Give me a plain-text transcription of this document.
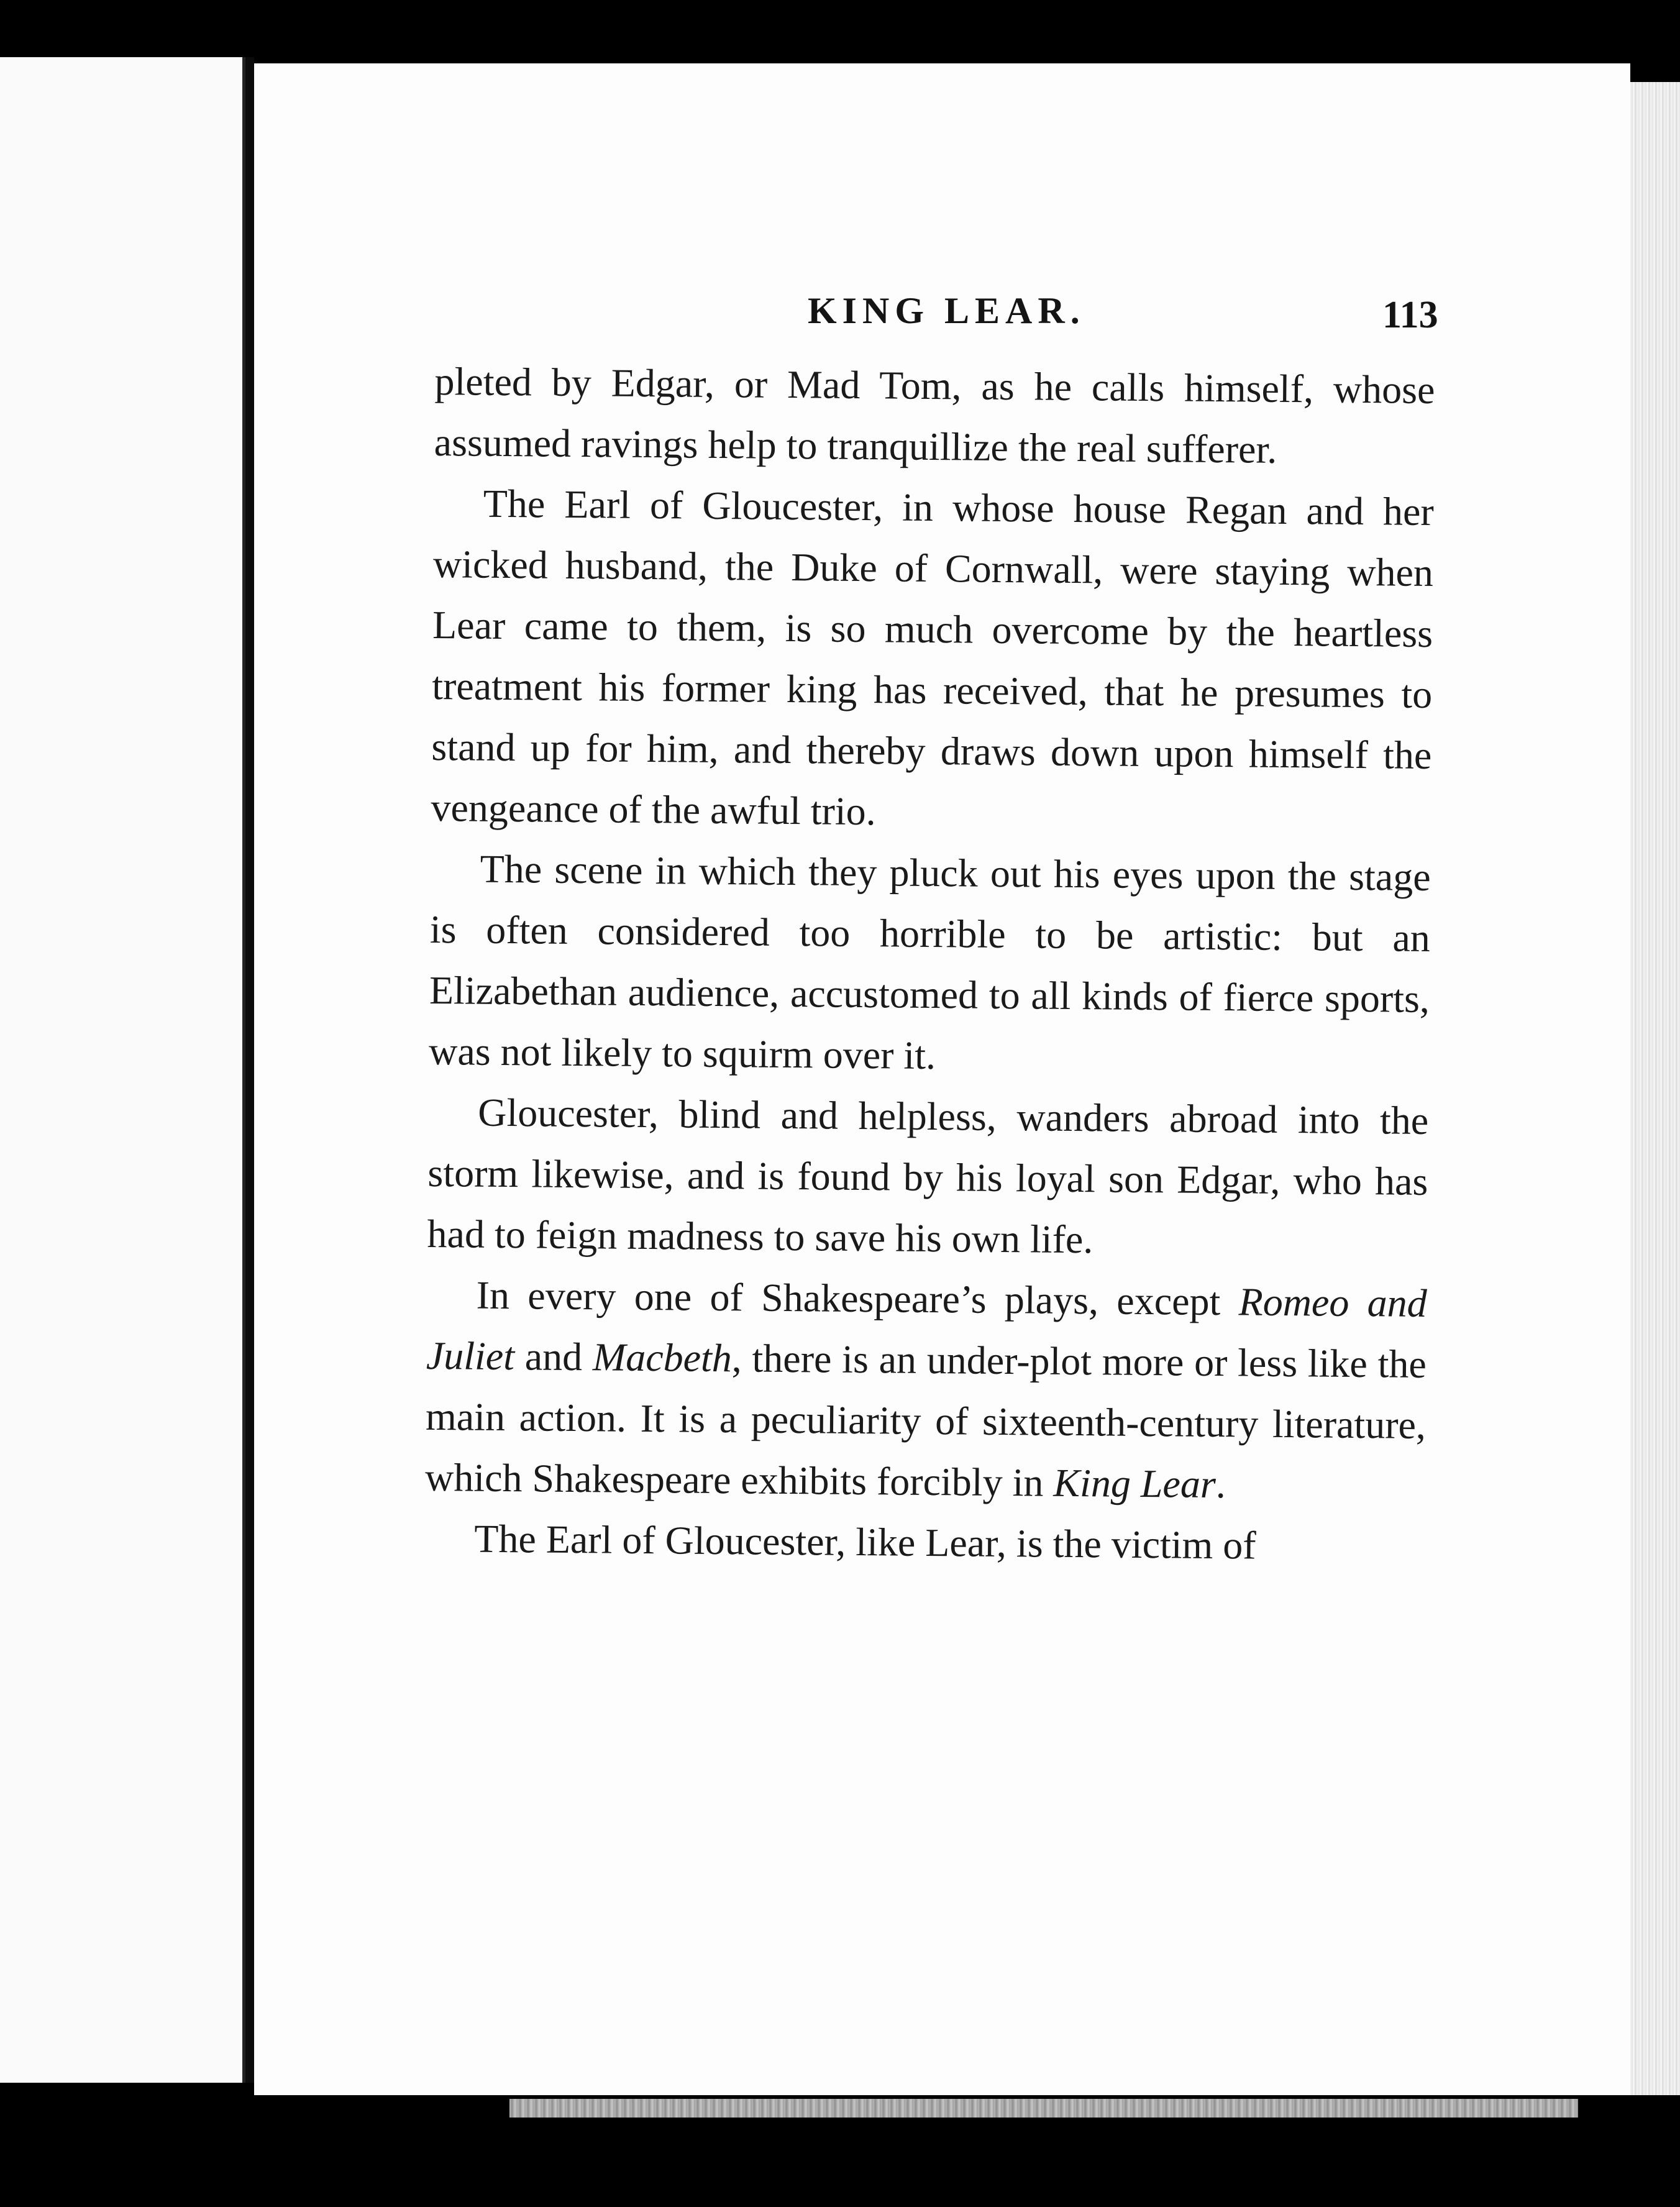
KING LEAR.	113

pleted by Edgar, or Mad Tom, as he calls himself, whose assumed ravings help to tranquillize the real sufferer.

The Earl of Gloucester, in whose house Regan and her wicked husband, the Duke of Cornwall, were staying when Lear came to them, is so much overcome by the heartless treatment his former king has received, that he presumes to stand up for him, and thereby draws down upon himself the vengeance of the awful trio.

The scene in which they pluck out his eyes upon the stage is often considered too horrible to be artistic: but an Elizabethan audience, accustomed to all kinds of fierce sports, was not likely to squirm over it.

Gloucester, blind and helpless, wanders abroad into the storm likewise, and is found by his loyal son Edgar, who has had to feign madness to save his own life.

In every one of Shakespeare’s plays, except Romeo and Juliet and Macbeth, there is an under-plot more or less like the main action. It is a peculiarity of sixteenth-century literature, which Shakespeare exhibits forcibly in King Lear.

The Earl of Gloucester, like Lear, is the victim of
